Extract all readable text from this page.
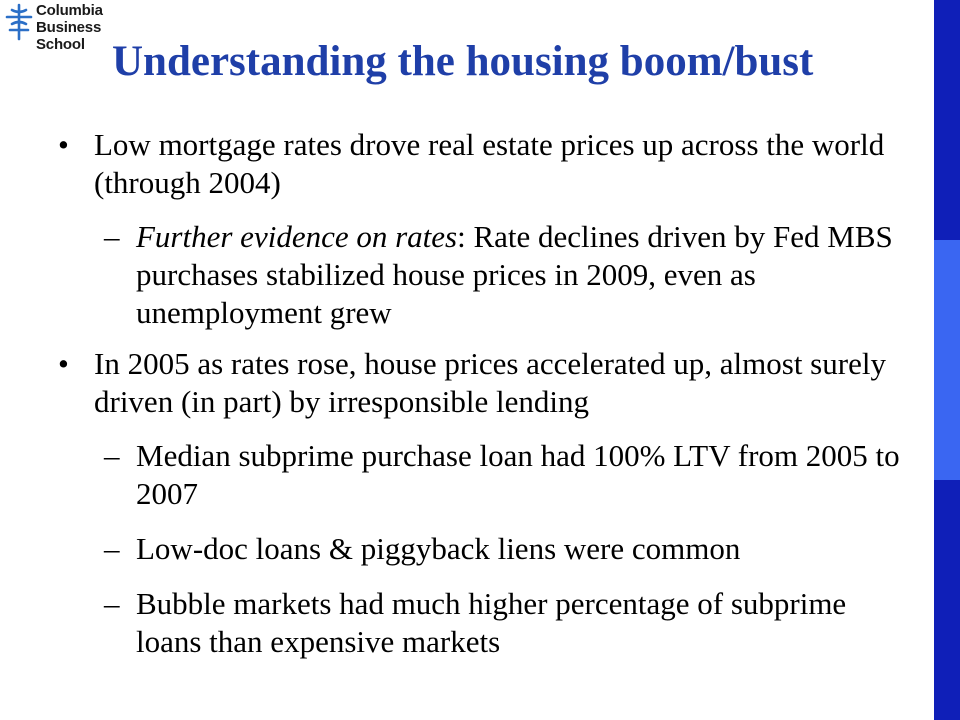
Columbia
Business
School Understanding the housing boom/bust
• Low mortgage rates drove real estate prices up across the world (through 2004)
– Further evidence on rates: Rate declines driven by Fed MBS purchases stabilized house prices in 2009, even as unemployment grew
• In 2005 as rates rose, house prices accelerated up, almost surely driven (in part) by irresponsible lending
– Median subprime purchase loan had 100% LTV from 2005 to 2007
– Low-doc loans & piggyback liens were common
– Bubble markets had much higher percentage of subprime loans than expensive markets
